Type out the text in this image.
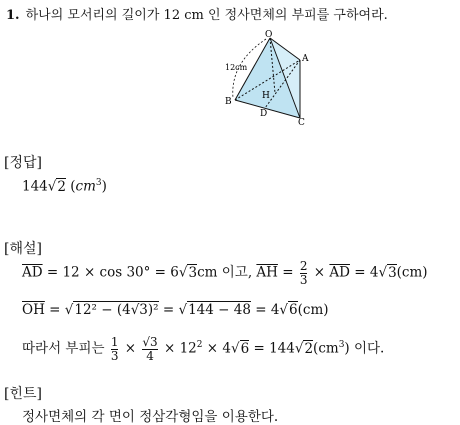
1. 하나의 모서리의 길이가 12 cm 인 정사면체의 부피를 구하여라.
O
A
B
C
D
H
12cm
[정답]
144√2 $(cm^3)$
[해설]
$\overline{AD} = 12 \times \cos 30^\circ = 6√3cm$ 이고, $\overline{AH} = \frac{2}{3} \times \overline{AD} = 4√3(cm)$
$\overline{OH} = √12^2 - (4√3)^2 = √144 - 48 = 4√6(cm)$
따라서 부피는 $\frac{1}{3} \times \frac{√3}{4} \times 12^2 \times 4√6 = 144√2(cm^3)$ 이다.
[힌트]
정사면체의 각 면이 정삼각형임을 이용한다.
